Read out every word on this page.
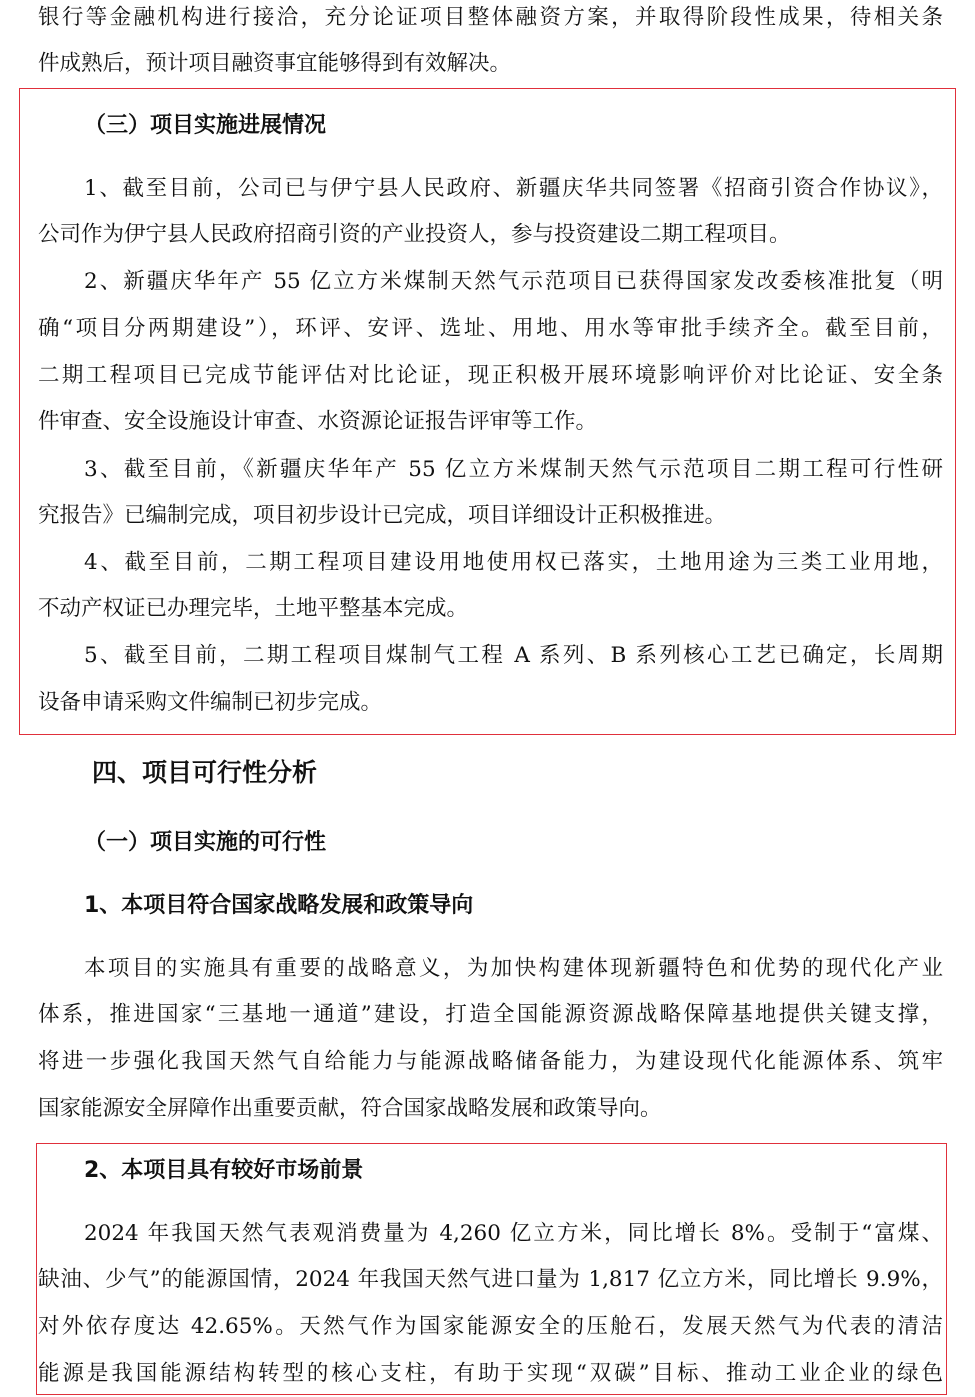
银行等金融机构进行接洽，充分论证项目整体融资方案，并取得阶段性成果，待相关条
件成熟后，预计项目融资事宜能够得到有效解决。
（三）项目实施进展情况
1、截至目前，公司已与伊宁县人民政府、新疆庆华共同签署《招商引资合作协议》，
公司作为伊宁县人民政府招商引资的产业投资人，参与投资建设二期工程项目。
2、新疆庆华年产 55 亿立方米煤制天然气示范项目已获得国家发改委核准批复（明
确“项目分两期建设”），环评、安评、选址、用地、用水等审批手续齐全。截至目前，
二期工程项目已完成节能评估对比论证，现正积极开展环境影响评价对比论证、安全条
件审查、安全设施设计审查、水资源论证报告评审等工作。
3、截至目前，《新疆庆华年产 55 亿立方米煤制天然气示范项目二期工程可行性研
究报告》已编制完成，项目初步设计已完成，项目详细设计正积极推进。
4、截至目前，二期工程项目建设用地使用权已落实，土地用途为三类工业用地，
不动产权证已办理完毕，土地平整基本完成。
5、截至目前，二期工程项目煤制气工程 A 系列、B 系列核心工艺已确定，长周期
设备申请采购文件编制已初步完成。
四、项目可行性分析
（一）项目实施的可行性
1、本项目符合国家战略发展和政策导向
本项目的实施具有重要的战略意义，为加快构建体现新疆特色和优势的现代化产业
体系，推进国家“三基地一通道”建设，打造全国能源资源战略保障基地提供关键支撑，
将进一步强化我国天然气自给能力与能源战略储备能力，为建设现代化能源体系、筑牢
国家能源安全屏障作出重要贡献，符合国家战略发展和政策导向。
2、本项目具有较好市场前景
2024 年我国天然气表观消费量为 4,260 亿立方米，同比增长 8%。受制于“富煤、
缺油、少气”的能源国情，2024 年我国天然气进口量为 1,817 亿立方米，同比增长 9.9%，
对外依存度达 42.65%。天然气作为国家能源安全的压舱石，发展天然气为代表的清洁
能源是我国能源结构转型的核心支柱，有助于实现“双碳”目标、推动工业企业的绿色
